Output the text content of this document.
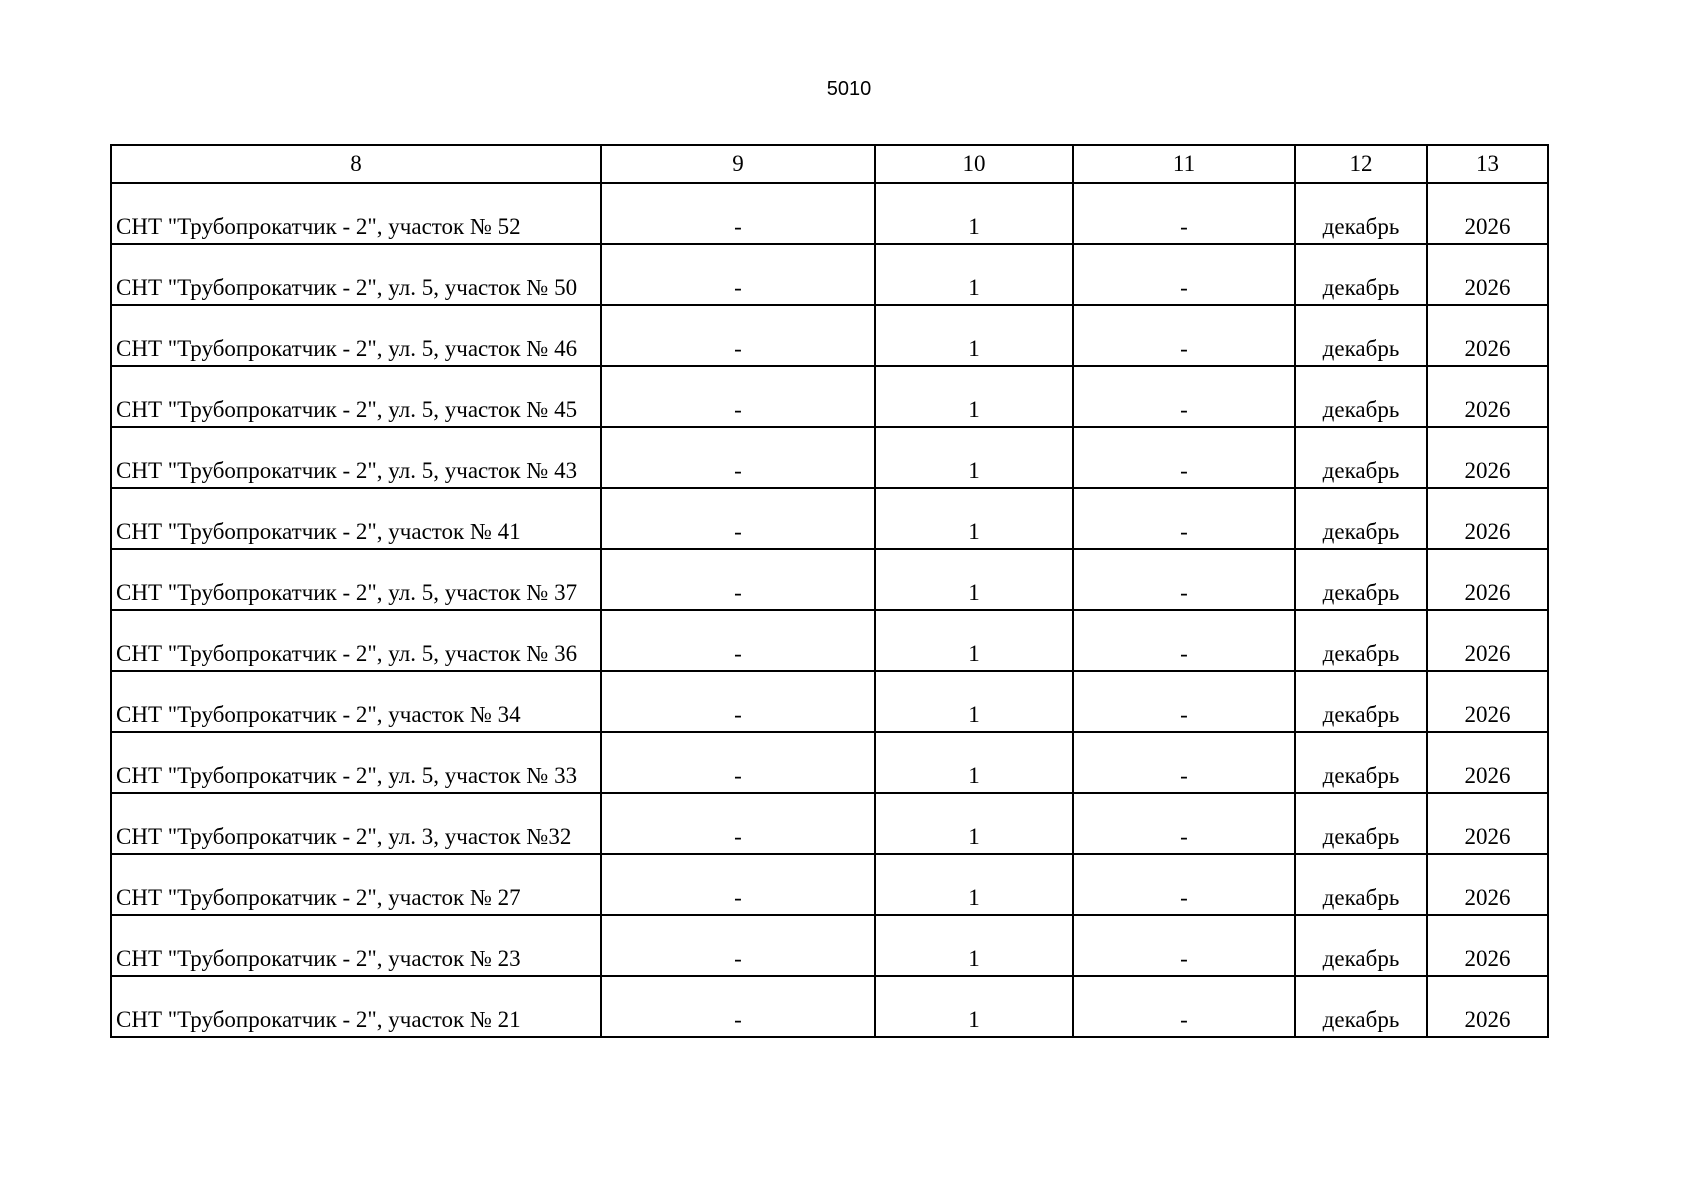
5010
8	9	10	11	12	13
СНТ "Трубопрокатчик - 2", участок № 52	-	1	-	декабрь	2026
СНТ "Трубопрокатчик - 2", ул. 5, участок № 50	-	1	-	декабрь	2026
СНТ "Трубопрокатчик - 2", ул. 5, участок № 46	-	1	-	декабрь	2026
СНТ "Трубопрокатчик - 2", ул. 5, участок № 45	-	1	-	декабрь	2026
СНТ "Трубопрокатчик - 2", ул. 5, участок № 43	-	1	-	декабрь	2026
СНТ "Трубопрокатчик - 2", участок № 41	-	1	-	декабрь	2026
СНТ "Трубопрокатчик - 2", ул. 5, участок № 37	-	1	-	декабрь	2026
СНТ "Трубопрокатчик - 2", ул. 5, участок № 36	-	1	-	декабрь	2026
СНТ "Трубопрокатчик - 2", участок № 34	-	1	-	декабрь	2026
СНТ "Трубопрокатчик - 2", ул. 5, участок № 33	-	1	-	декабрь	2026
СНТ "Трубопрокатчик - 2", ул. 3, участок №32	-	1	-	декабрь	2026
СНТ "Трубопрокатчик - 2", участок № 27	-	1	-	декабрь	2026
СНТ "Трубопрокатчик - 2", участок № 23	-	1	-	декабрь	2026
СНТ "Трубопрокатчик - 2", участок № 21	-	1	-	декабрь	2026
